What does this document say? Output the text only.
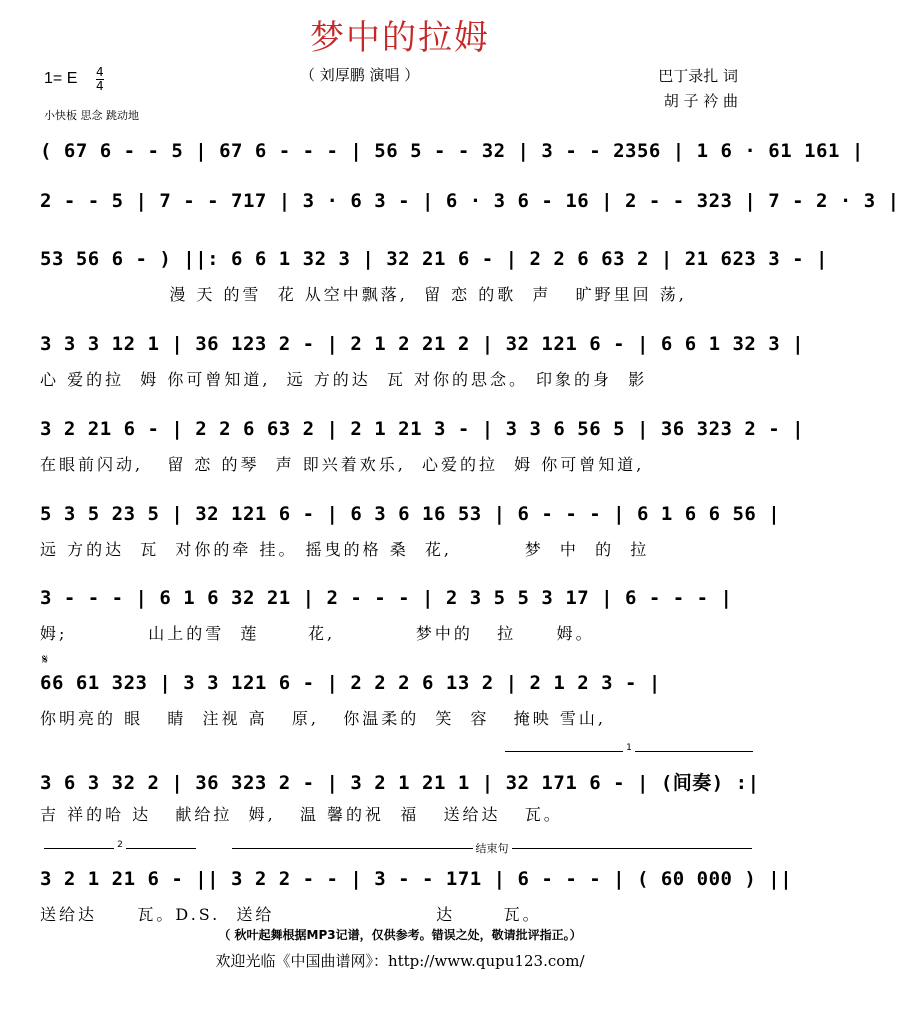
梦中的拉姆
（ 刘厚鹏 演唱 ）	巴丁录扎 词
胡 子 衿 曲
1= E 4
4
小快板 思念 跳动地
( 67 6 - - 5 | 67 6 - - - | 56 5 - - 32 | 3 - - 2356 | 1 6 · 61 161 |
2 - - 5 | 7 - - 717 | 3 · 6 3 - | 6 · 3 6 - 16 | 2 - - 323 | 7 - 2 · 3 |
53 56 6 - ) ||: 6 6 1 32 3 | 32 21 6 - | 2 2 6 63 2 | 21 623 3 - |
漫 天 的雪  花 从空中飘落,  留 恋 的歌  声   旷野里回 荡,
3 3 3 12 1 | 36 123 2 - | 2 1 2 21 2 | 32 121 6 - | 6 6 1 32 3 |
心 爱的拉  姆 你可曾知道,  远 方的达  瓦 对你的思念。 印象的身  影
3 2 21 6 - | 2 2 6 63 2 | 2 1 21 3 - | 3 3 6 56 5 | 36 323 2 - |
在眼前闪动,   留 恋 的琴  声 即兴着欢乐,  心爱的拉  姆 你可曾知道,
5 3 5 23 5 | 32 121 6 - | 6 3 6 16 53 | 6 - - - | 6 1 6 6 56 |
远 方的达  瓦  对你的牵 挂。 摇曳的格 桑  花,         梦  中  的  拉
3 - - - | 6 1 6 32 21 | 2 - - - | 2 3 5 5 3 17 | 6 - - - |
姆;          山上的雪  莲      花,          梦中的   拉     姆。
𝄋
66 61 323 | 3 3 121 6 - | 2 2 2 6 13 2 | 2 1 2 3 - |
你明亮的 眼   睛  注视 高   原,   你温柔的  笑  容   掩映 雪山,
1
3 6 3 32 2 | 36 323 2 - | 3 2 1 21 1 | 32 171 6 - | (间奏) :|
吉 祥的哈 达   献给拉  姆,   温 馨的祝  福   送给达   瓦。
2	结束句
3 2 1 21 6 - || 3 2 2 - - | 3 - - 171 | 6 - - - | ( 60 000 ) ||
送给达     瓦。D.S.  送给                    达      瓦。
（ 秋叶起舞根据MP3记谱，仅供参考。错误之处，敬请批评指正。）
欢迎光临《中国曲谱网》：http://www.qupu123.com/
